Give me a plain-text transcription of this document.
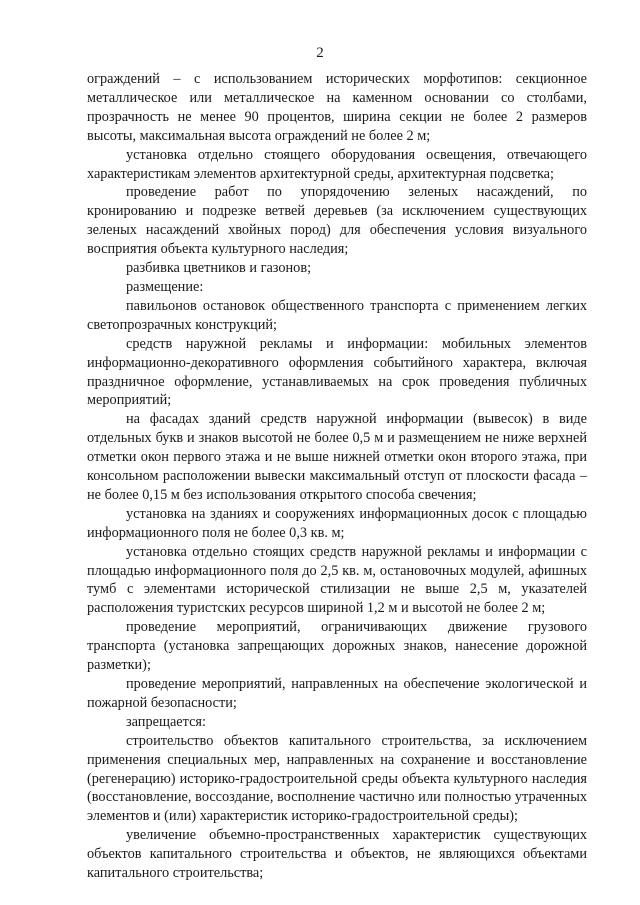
2

ограждений – с использованием исторических морфотипов: секционное металлическое или металлическое на каменном основании со столбами, прозрачность не менее 90 процентов, ширина секции не более 2 размеров высоты, максимальная высота ограждений не более 2 м;

установка отдельно стоящего оборудования освещения, отвечающего характеристикам элементов архитектурной среды, архитектурная подсветка;

проведение работ по упорядочению зеленых насаждений, по кронированию и подрезке ветвей деревьев (за исключением существующих зеленых насаждений хвойных пород) для обеспечения условия визуального восприятия объекта культурного наследия;

разбивка цветников и газонов;

размещение:

павильонов остановок общественного транспорта с применением легких светопрозрачных конструкций;

средств наружной рекламы и информации: мобильных элементов информационно-декоративного оформления событийного характера, включая праздничное оформление, устанавливаемых на срок проведения публичных мероприятий;

на фасадах зданий средств наружной информации (вывесок) в виде отдельных букв и знаков высотой не более 0,5 м и размещением не ниже верхней отметки окон первого этажа и не выше нижней отметки окон второго этажа, при консольном расположении вывески максимальный отступ от плоскости фасада – не более 0,15 м без использования открытого способа свечения;

установка на зданиях и сооружениях информационных досок с площадью информационного поля не более 0,3 кв. м;

установка отдельно стоящих средств наружной рекламы и информации с площадью информационного поля до 2,5 кв. м, остановочных модулей, афишных тумб с элементами исторической стилизации не выше 2,5 м, указателей расположения туристских ресурсов шириной 1,2 м и высотой не более 2 м;

проведение мероприятий, ограничивающих движение грузового транспорта (установка запрещающих дорожных знаков, нанесение дорожной разметки);

проведение мероприятий, направленных на обеспечение экологической и пожарной безопасности;

запрещается:

строительство объектов капитального строительства, за исключением применения специальных мер, направленных на сохранение и восстановление (регенерацию) историко-градостроительной среды объекта культурного наследия (восстановление, воссоздание, восполнение частично или полностью утраченных элементов и (или) характеристик историко-градостроительной среды);

увеличение объемно-пространственных характеристик существующих объектов капитального строительства и объектов, не являющихся объектами капитального строительства;
